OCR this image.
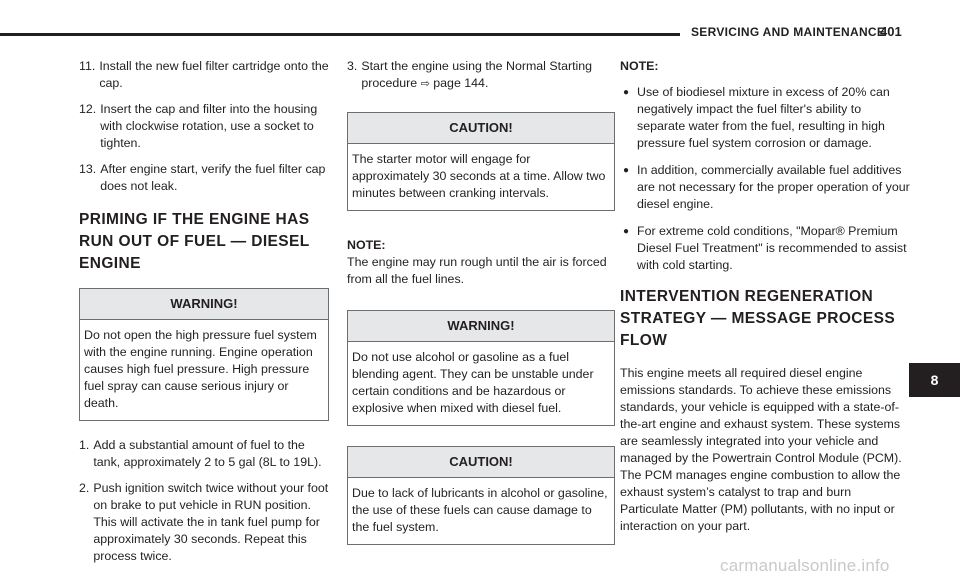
SERVICING AND MAINTENANCE
401
11. Install the new fuel filter cartridge onto the cap.
12. Insert the cap and filter into the housing with clockwise rotation, use a socket to tighten.
13. After engine start, verify the fuel filter cap does not leak.
PRIMING IF THE ENGINE HAS RUN OUT OF FUEL — DIESEL ENGINE
WARNING!
Do not open the high pressure fuel system with the engine running. Engine operation causes high fuel pressure. High pressure fuel spray can cause serious injury or death.
1. Add a substantial amount of fuel to the tank, approximately 2 to 5 gal (8L to 19L).
2. Push ignition switch twice without your foot on brake to put vehicle in RUN position. This will activate the in tank fuel pump for approximately 30 seconds. Repeat this process twice.
3. Start the engine using the Normal Starting procedure ⇨ page 144.
CAUTION!
The starter motor will engage for approximately 30 seconds at a time. Allow two minutes between cranking intervals.
NOTE:
The engine may run rough until the air is forced from all the fuel lines.
WARNING!
Do not use alcohol or gasoline as a fuel blending agent. They can be unstable under certain conditions and be hazardous or explosive when mixed with diesel fuel.
CAUTION!
Due to lack of lubricants in alcohol or gasoline, the use of these fuels can cause damage to the fuel system.
NOTE:
● Use of biodiesel mixture in excess of 20% can negatively impact the fuel filter's ability to separate water from the fuel, resulting in high pressure fuel system corrosion or damage.
● In addition, commercially available fuel additives are not necessary for the proper operation of your diesel engine.
● For extreme cold conditions, "Mopar® Premium Diesel Fuel Treatment" is recommended to assist with cold starting.
INTERVENTION REGENERATION STRATEGY — MESSAGE PROCESS FLOW
This engine meets all required diesel engine emissions standards. To achieve these emissions standards, your vehicle is equipped with a state-of-the-art engine and exhaust system. These systems are seamlessly integrated into your vehicle and managed by the Powertrain Control Module (PCM). The PCM manages engine combustion to allow the exhaust system’s catalyst to trap and burn Particulate Matter (PM) pollutants, with no input or interaction on your part.
8
carmanualsonline.info
